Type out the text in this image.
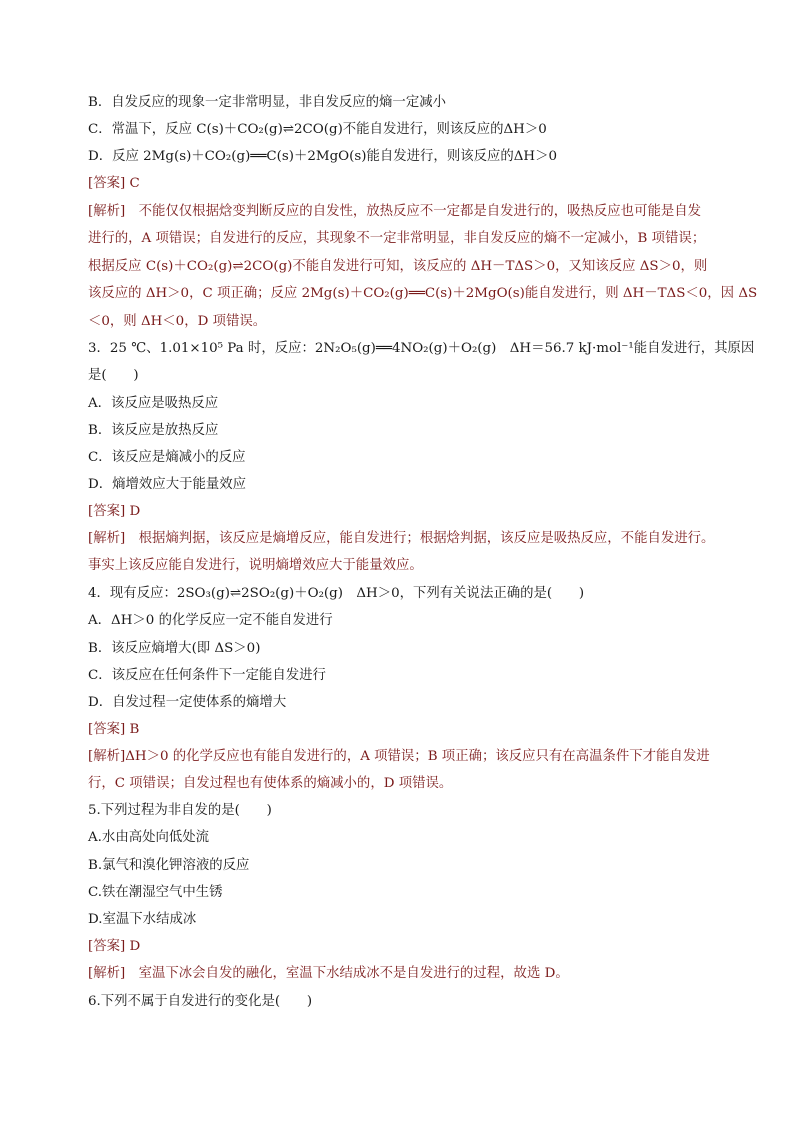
B．自发反应的现象一定非常明显，非自发反应的熵一定减小
C．常温下，反应 C(s)＋CO₂(g)⇌2CO(g)不能自发进行，则该反应的ΔH＞0
D．反应 2Mg(s)＋CO₂(g)══C(s)＋2MgO(s)能自发进行，则该反应的ΔH＞0
[答案] C
[解析]　不能仅仅根据焓变判断反应的自发性，放热反应不一定都是自发进行的，吸热反应也可能是自发
进行的，A 项错误；自发进行的反应，其现象不一定非常明显，非自发反应的熵不一定减小，B 项错误；
根据反应 C(s)＋CO₂(g)⇌2CO(g)不能自发进行可知，该反应的 ΔH－TΔS＞0，又知该反应 ΔS＞0，则
该反应的 ΔH＞0，C 项正确；反应 2Mg(s)＋CO₂(g)══C(s)＋2MgO(s)能自发进行，则 ΔH－TΔS＜0，因 ΔS
＜0，则 ΔH＜0，D 项错误。
3．25 ℃、1.01×10⁵ Pa 时，反应：2N₂O₅(g)══4NO₂(g)＋O₂(g)　ΔH＝56.7 kJ·mol⁻¹能自发进行，其原因
是(　　)
A．该反应是吸热反应
B．该反应是放热反应
C．该反应是熵减小的反应
D．熵增效应大于能量效应
[答案] D
[解析]　根据熵判据，该反应是熵增反应，能自发进行；根据焓判据，该反应是吸热反应，不能自发进行。
事实上该反应能自发进行，说明熵增效应大于能量效应。
4．现有反应：2SO₃(g)⇌2SO₂(g)＋O₂(g)　ΔH＞0，下列有关说法正确的是(　　)
A．ΔH＞0 的化学反应一定不能自发进行
B．该反应熵增大(即 ΔS＞0)
C．该反应在任何条件下一定能自发进行
D．自发过程一定使体系的熵增大
[答案] B
[解析]ΔH＞0 的化学反应也有能自发进行的，A 项错误；B 项正确；该反应只有在高温条件下才能自发进
行，C 项错误；自发过程也有使体系的熵减小的，D 项错误。
5.下列过程为非自发的是(　　)
A.水由高处向低处流
B.氯气和溴化钾溶液的反应
C.铁在潮湿空气中生锈
D.室温下水结成冰
[答案] D
[解析]　室温下冰会自发的融化，室温下水结成冰不是自发进行的过程，故选 D。
6.下列不属于自发进行的变化是(　　)
